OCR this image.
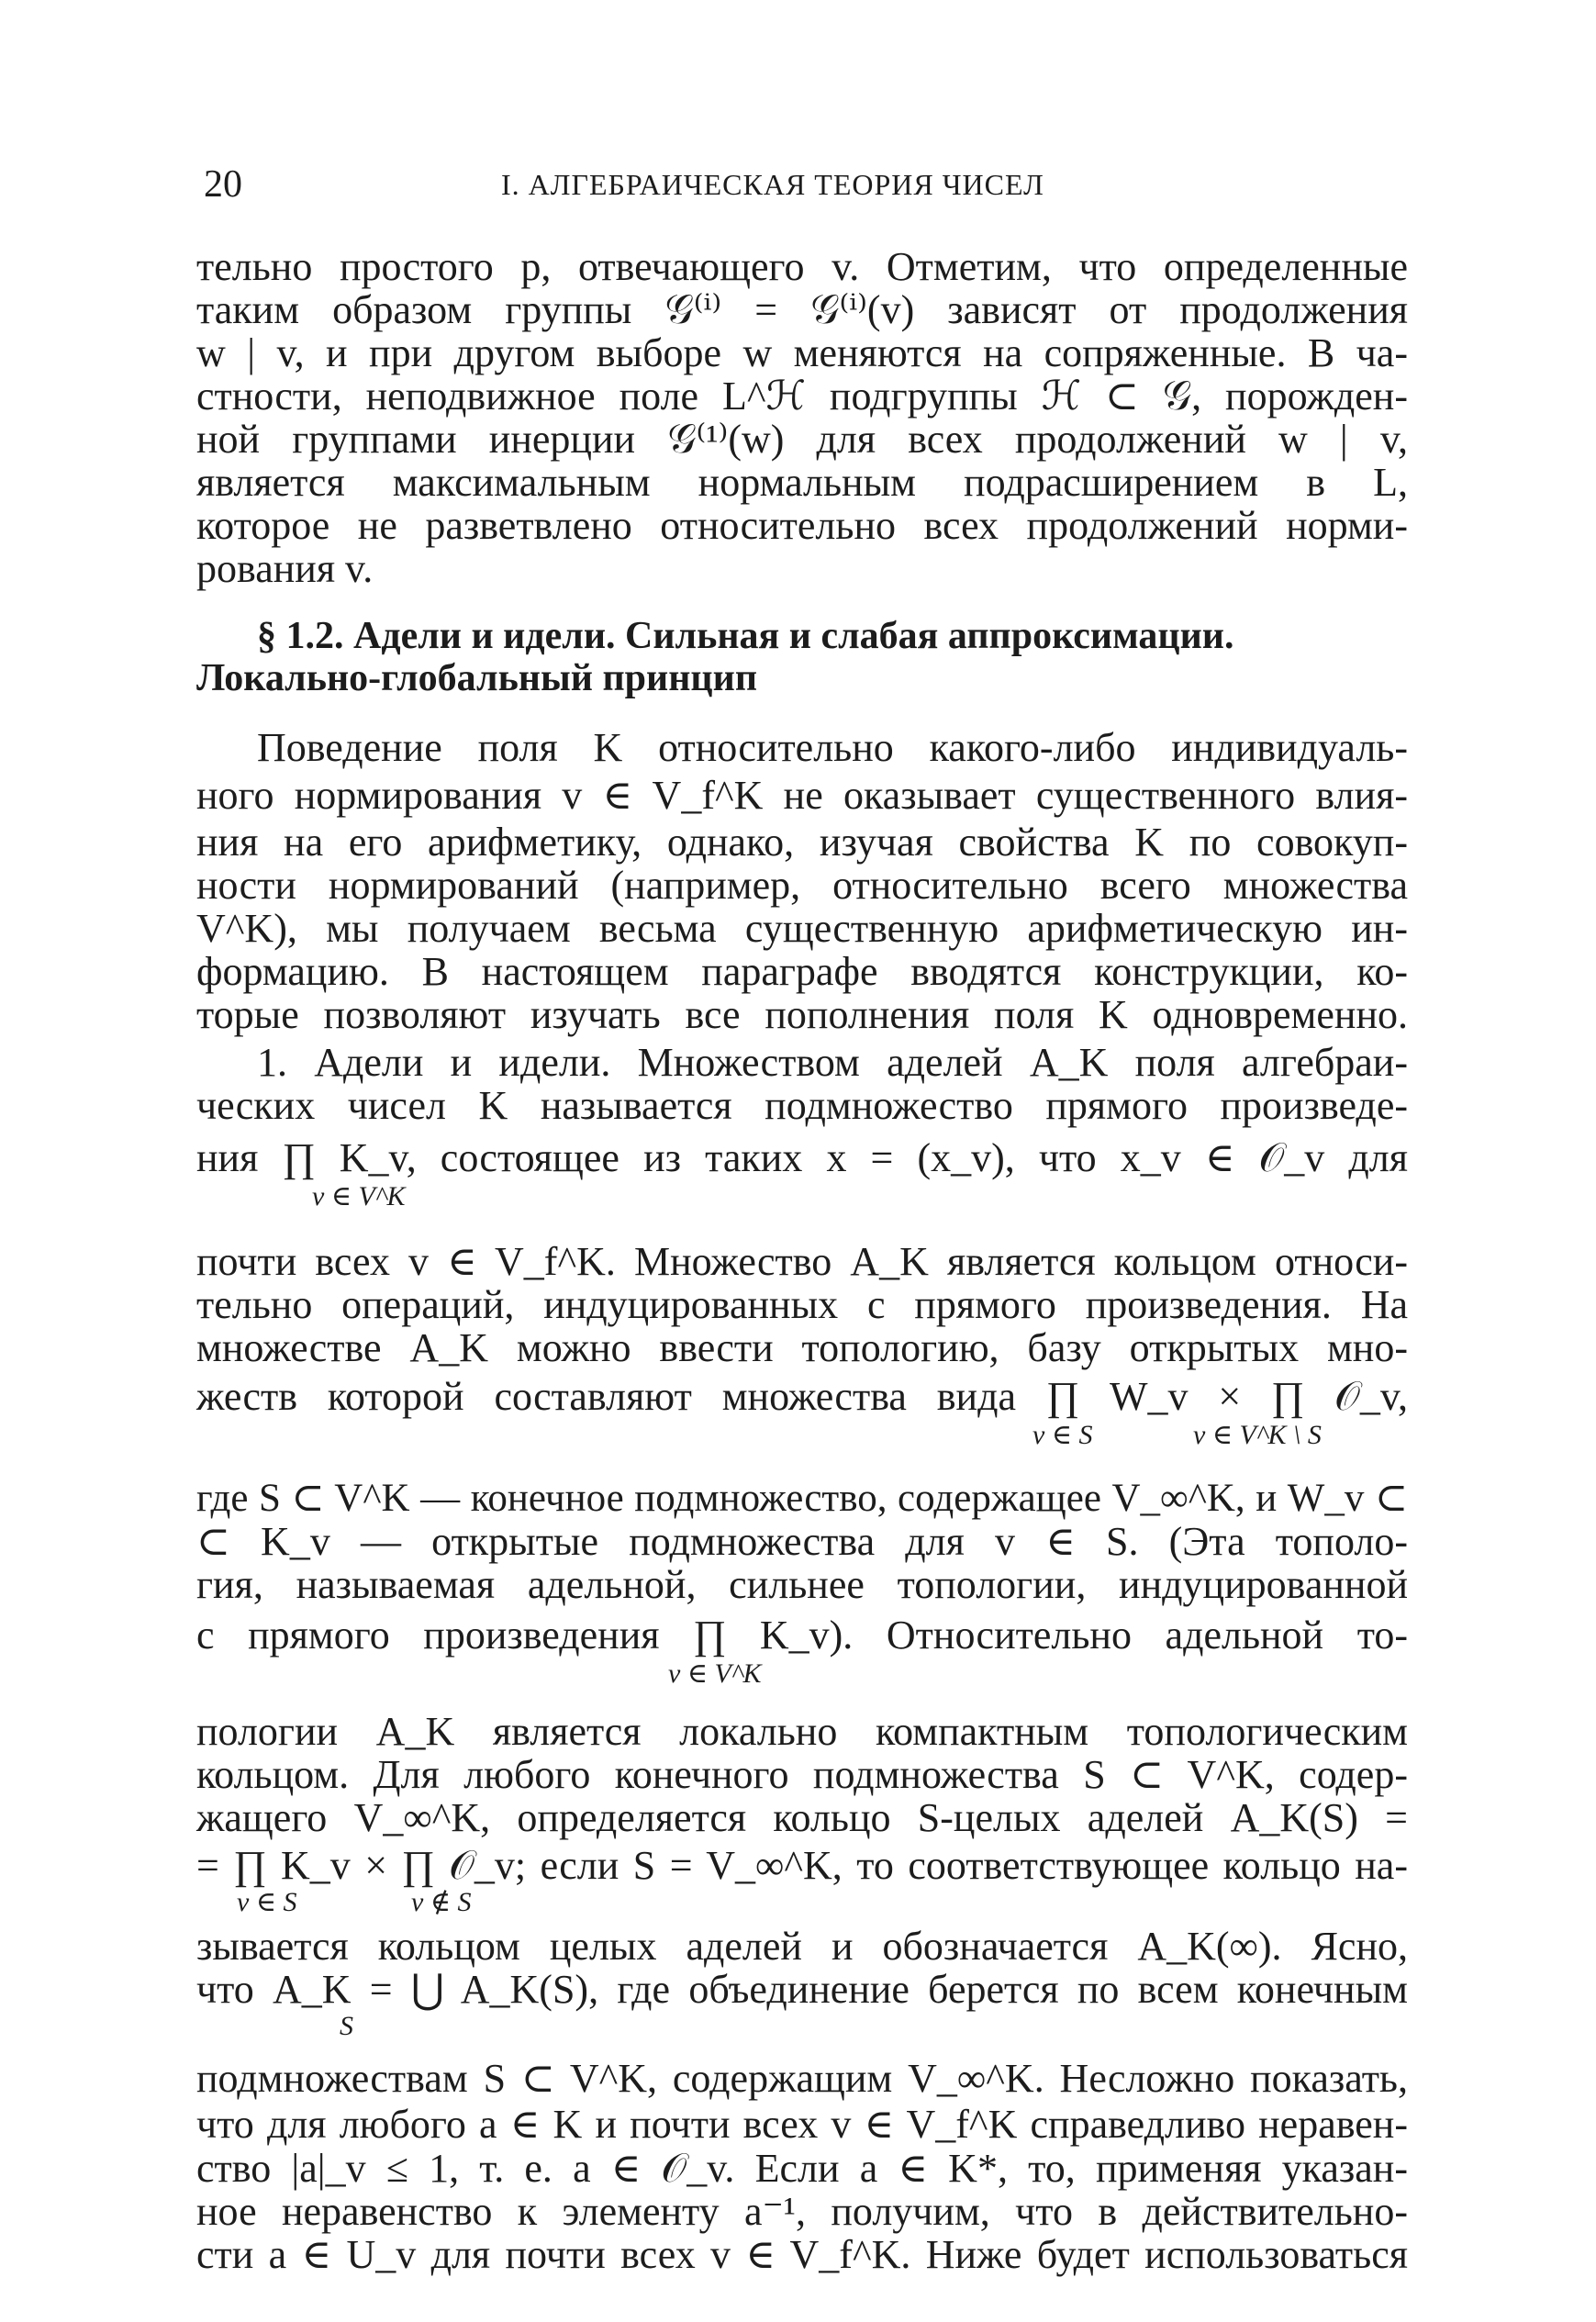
20	I. АЛГЕБРАИЧЕСКАЯ ТЕОРИЯ ЧИСЕЛ

тельно простого p, отвечающего v. Отметим, что определенные

таким образом группы 𝒢⁽ⁱ⁾ = 𝒢⁽ⁱ⁾(v) зависят от продолжения

w | v, и при другом выборе w меняются на сопряженные. В ча-

стности, неподвижное поле L^ℋ подгруппы ℋ ⊂ 𝒢, порожден-

ной группами инерции 𝒢⁽¹⁾(w) для всех продолжений w | v,

является максимальным нормальным подрасширением в L,

которое не разветвлено относительно всех продолжений норми-

рования v.

§ 1.2. Адели и идели. Сильная и слабая аппроксимации.

Локально-глобальный принцип

Поведение поля K относительно какого-либо индивидуаль-

ного нормирования v ∈ V_f^K не оказывает существенного влия-

ния на его арифметику, однако, изучая свойства K по совокуп-

ности нормирований (например, относительно всего множества

V^K), мы получаем весьма существенную арифметическую ин-

формацию. В настоящем параграфе вводятся конструкции, ко-

торые позволяют изучать все пополнения поля K одновременно.

1. Адели и идели. Множеством аделей A_K поля алгебраи-

ческих чисел K называется подмножество прямого произведе-

ния ∏ K_v, состоящее из таких x = (x_v), что x_v ∈ 𝒪_v для

v ∈ V^K

почти всех v ∈ V_f^K. Множество A_K является кольцом относи-

тельно операций, индуцированных с прямого произведения. На

множестве A_K можно ввести топологию, базу открытых мно-

жеств которой составляют множества вида ∏ W_v × ∏ 𝒪_v,

v ∈ S	v ∈ V^K \ S

где S ⊂ V^K — конечное подмножество, содержащее V_∞^K, и W_v ⊂

⊂ K_v — открытые подмножества для v ∈ S. (Эта тополо-

гия, называемая адельной, сильнее топологии, индуцированной

с прямого произведения ∏ K_v). Относительно адельной то-

v ∈ V^K

пологии A_K является локально компактным топологическим

кольцом. Для любого конечного подмножества S ⊂ V^K, содер-

жащего V_∞^K, определяется кольцо S-целых аделей A_K(S) =

= ∏ K_v × ∏ 𝒪_v; если S = V_∞^K, то соответствующее кольцо на-

v ∈ S	v ∉ S

зывается кольцом целых аделей и обозначается A_K(∞). Ясно,

что A_K = ⋃ A_K(S), где объединение берется по всем конечным

S

подмножествам S ⊂ V^K, содержащим V_∞^K. Несложно показать,

что для любого a ∈ K и почти всех v ∈ V_f^K справедливо неравен-

ство |a|_v ≤ 1, т. е. a ∈ 𝒪_v. Если a ∈ K*, то, применяя указан-

ное неравенство к элементу a⁻¹, получим, что в действительно-

сти a ∈ U_v для почти всех v ∈ V_f^K. Ниже будет использоваться
